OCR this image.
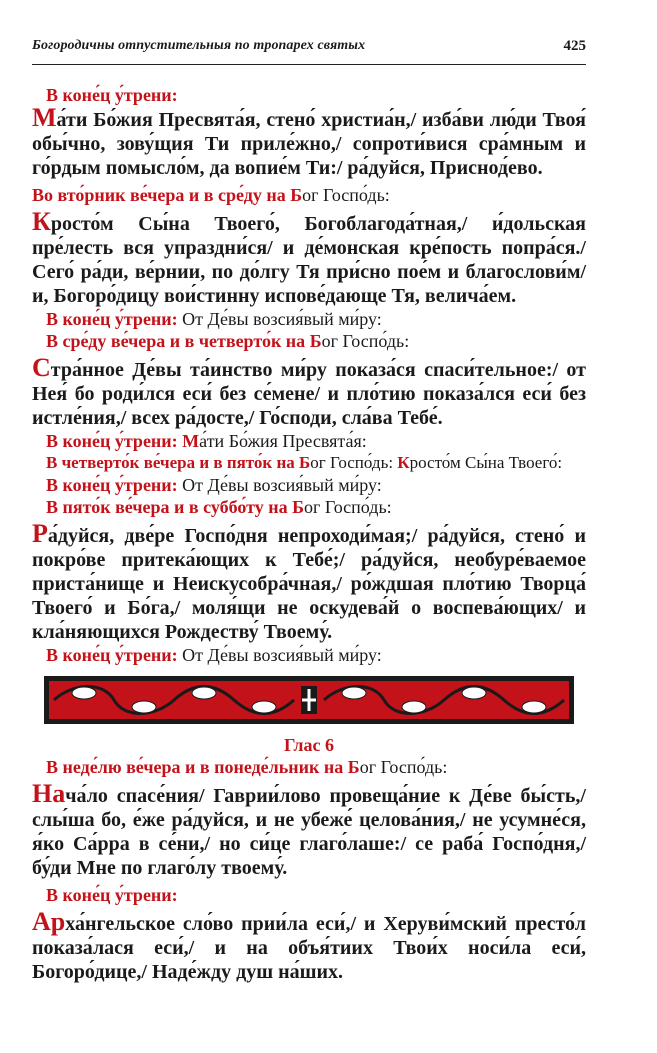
Богородичны отпустительныя по тропарех святых	425

В коне́ц у́трени:

Ма́ти Бо́жия Пресвята́я, стено́ христиа́н,/ изба́ви лю́ди Твоя́ обы́чно, зову́щия Ти приле́жно,/ сопроти́вися сра́мным и го́рдым помысло́м, да вопие́м Ти:/ ра́дуйся, Приснод́ево.

Во вто́рник ве́чера и в сре́ду на Бог Госпо́дь:

Кросто́м Сы́на Твоего́, Богоблагода́тная,/ и́дольская пре́лесть вся упраздни́ся/ и де́монская кре́пость попра́ся./ Сего́ ра́ди, ве́рнии, по до́лгу Тя при́сно пое́м и благослови́м/ и, Богоро́дицу вои́стинну испове́дающе Тя, велича́ем.

В коне́ц у́трени: От Де́вы возсия́вый ми́ру:

В сре́ду ве́чера и в четверто́к на Бог Госпо́дь:

Стра́нное Де́вы та́инство ми́ру показа́ся спаси́тельное:/ от Нея́ бо роди́лся еси́ без се́мене/ и пло́тию показа́лся еси́ без истле́ния,/ всех ра́досте,/ Го́споди, сла́ва Тебе́.

В коне́ц у́трени: Ма́ти Бо́жия Пресвята́я:

В четверто́к ве́чера и в пято́к на Бог Госпо́дь: Кросто́м Сы́на Твоего́:

В коне́ц у́трени: От Де́вы возсия́вый ми́ру:

В пято́к ве́чера и в суббо́ту на Бог Госпо́дь:

Ра́дуйся, две́ре Госпо́дня непроходи́мая;/ ра́дуйся, стено́ и покро́ве притека́ющих к Тебе́;/ ра́дуйся, необуре́ваемое приста́нище и Неискусобра́чная,/ ро́ждшая пло́тию Творца́ Твоего́ и Бо́га,/ моля́щи не оскудева́й о воспева́ющих/ и кла́няющихся Рождеству́ Твоему́.

В коне́ц у́трени: От Де́вы возсия́вый ми́ру:

Глас 6

В неде́лю ве́чера и в понеде́льник на Бог Госпо́дь:

Нача́ло спасе́ния/ Гаврии́лово провеща́ние к Де́ве бы́сть,/ слы́ша бо, е́же ра́дуйся, и не убеже́ целова́ния,/ не усумне́ся, я́ко Са́рра в се́ни,/ но си́це глаго́лаше:/ се раба́ Госпо́дня,/ бу́ди Мне по глаго́лу твоему́.

В коне́ц у́трени:

Арха́нгельское сло́во прии́ла еси́,/ и Херуви́мский престо́л показа́лася еси́,/ и на объя́тиих Твои́х носи́ла еси́, Богоро́дице,/ Наде́жду душ на́ших.
